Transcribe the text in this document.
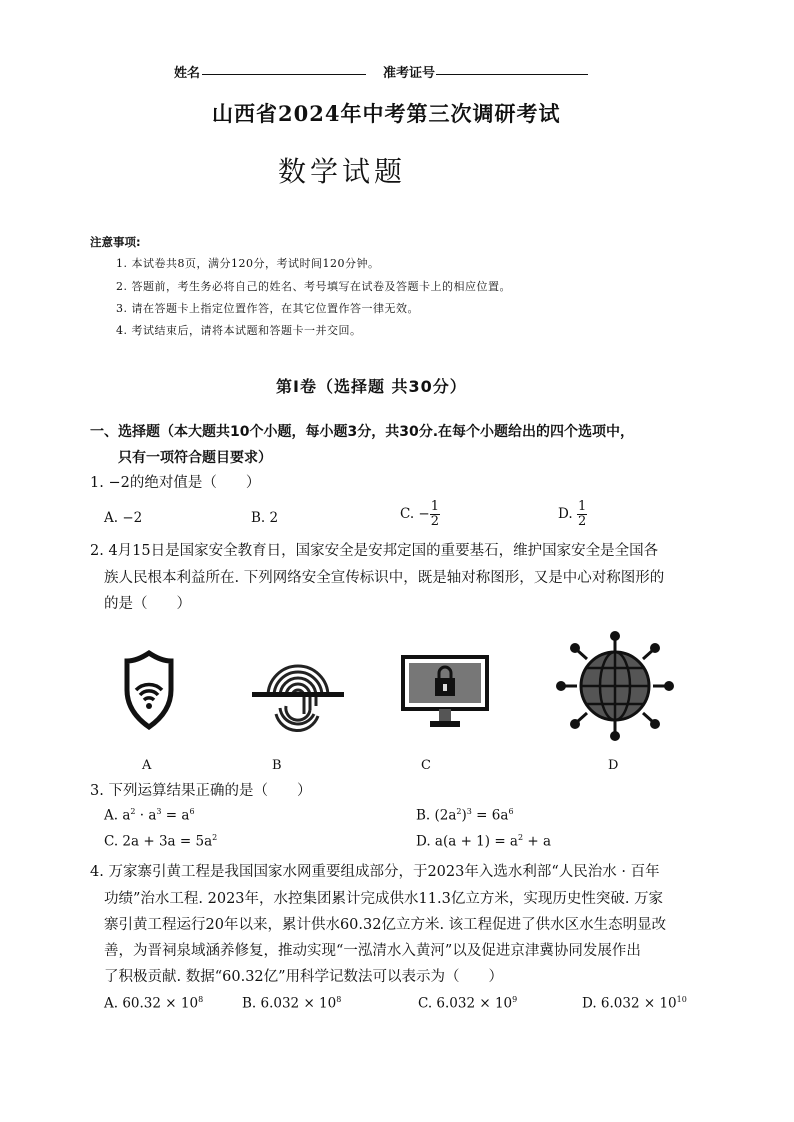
姓名	准考证号
山西省2024年中考第三次调研考试
数学试题
注意事项:
1. 本试卷共8页，满分120分，考试时间120分钟。
2. 答题前，考生务必将自己的姓名、考号填写在试卷及答题卡上的相应位置。
3. 请在答题卡上指定位置作答，在其它位置作答一律无效。
4. 考试结束后，请将本试题和答题卡一并交回。
第Ⅰ卷（选择题 共30分）
一、选择题（本大题共10个小题，每小题3分，共30分.在每个小题给出的四个选项中，
只有一项符合题目要求）
1. −2的绝对值是（　　）
A. −2	B. 2	C. − $\frac{1}{2}$	D. $\frac{1}{2}$
2. 4月15日是国家安全教育日，国家安全是安邦定国的重要基石，维护国家安全是全国各
族人民根本利益所在. 下列网络安全宣传标识中，既是轴对称图形，又是中心对称图形的
的是（　　）
A	B	C	D
3. 下列运算结果正确的是（　　）
A. $a^2 \cdot a^3 = a^6$	B. $(2a^2)^3 = 6a^6$
C. $2a + 3a = 5a^2$	D. $a(a + 1) = a^2 + a$
4. 万家寨引黄工程是我国国家水网重要组成部分，于2023年入选水利部“人民治水 · 百年
功绩”治水工程. 2023年，水控集团累计完成供水11.3亿立方米，实现历史性突破. 万家
寨引黄工程运行20年以来，累计供水60.32亿立方米. 该工程促进了供水区水生态明显改
善，为晋祠泉域涵养修复，推动实现“一泓清水入黄河”以及促进京津冀协同发展作出
了积极贡献. 数据“60.32亿”用科学记数法可以表示为（　　）
A. $60.32 \times 10^8$	B. $6.032 \times 10^8$	C. $6.032 \times 10^9$	D. $6.032 \times 10^{10}$
